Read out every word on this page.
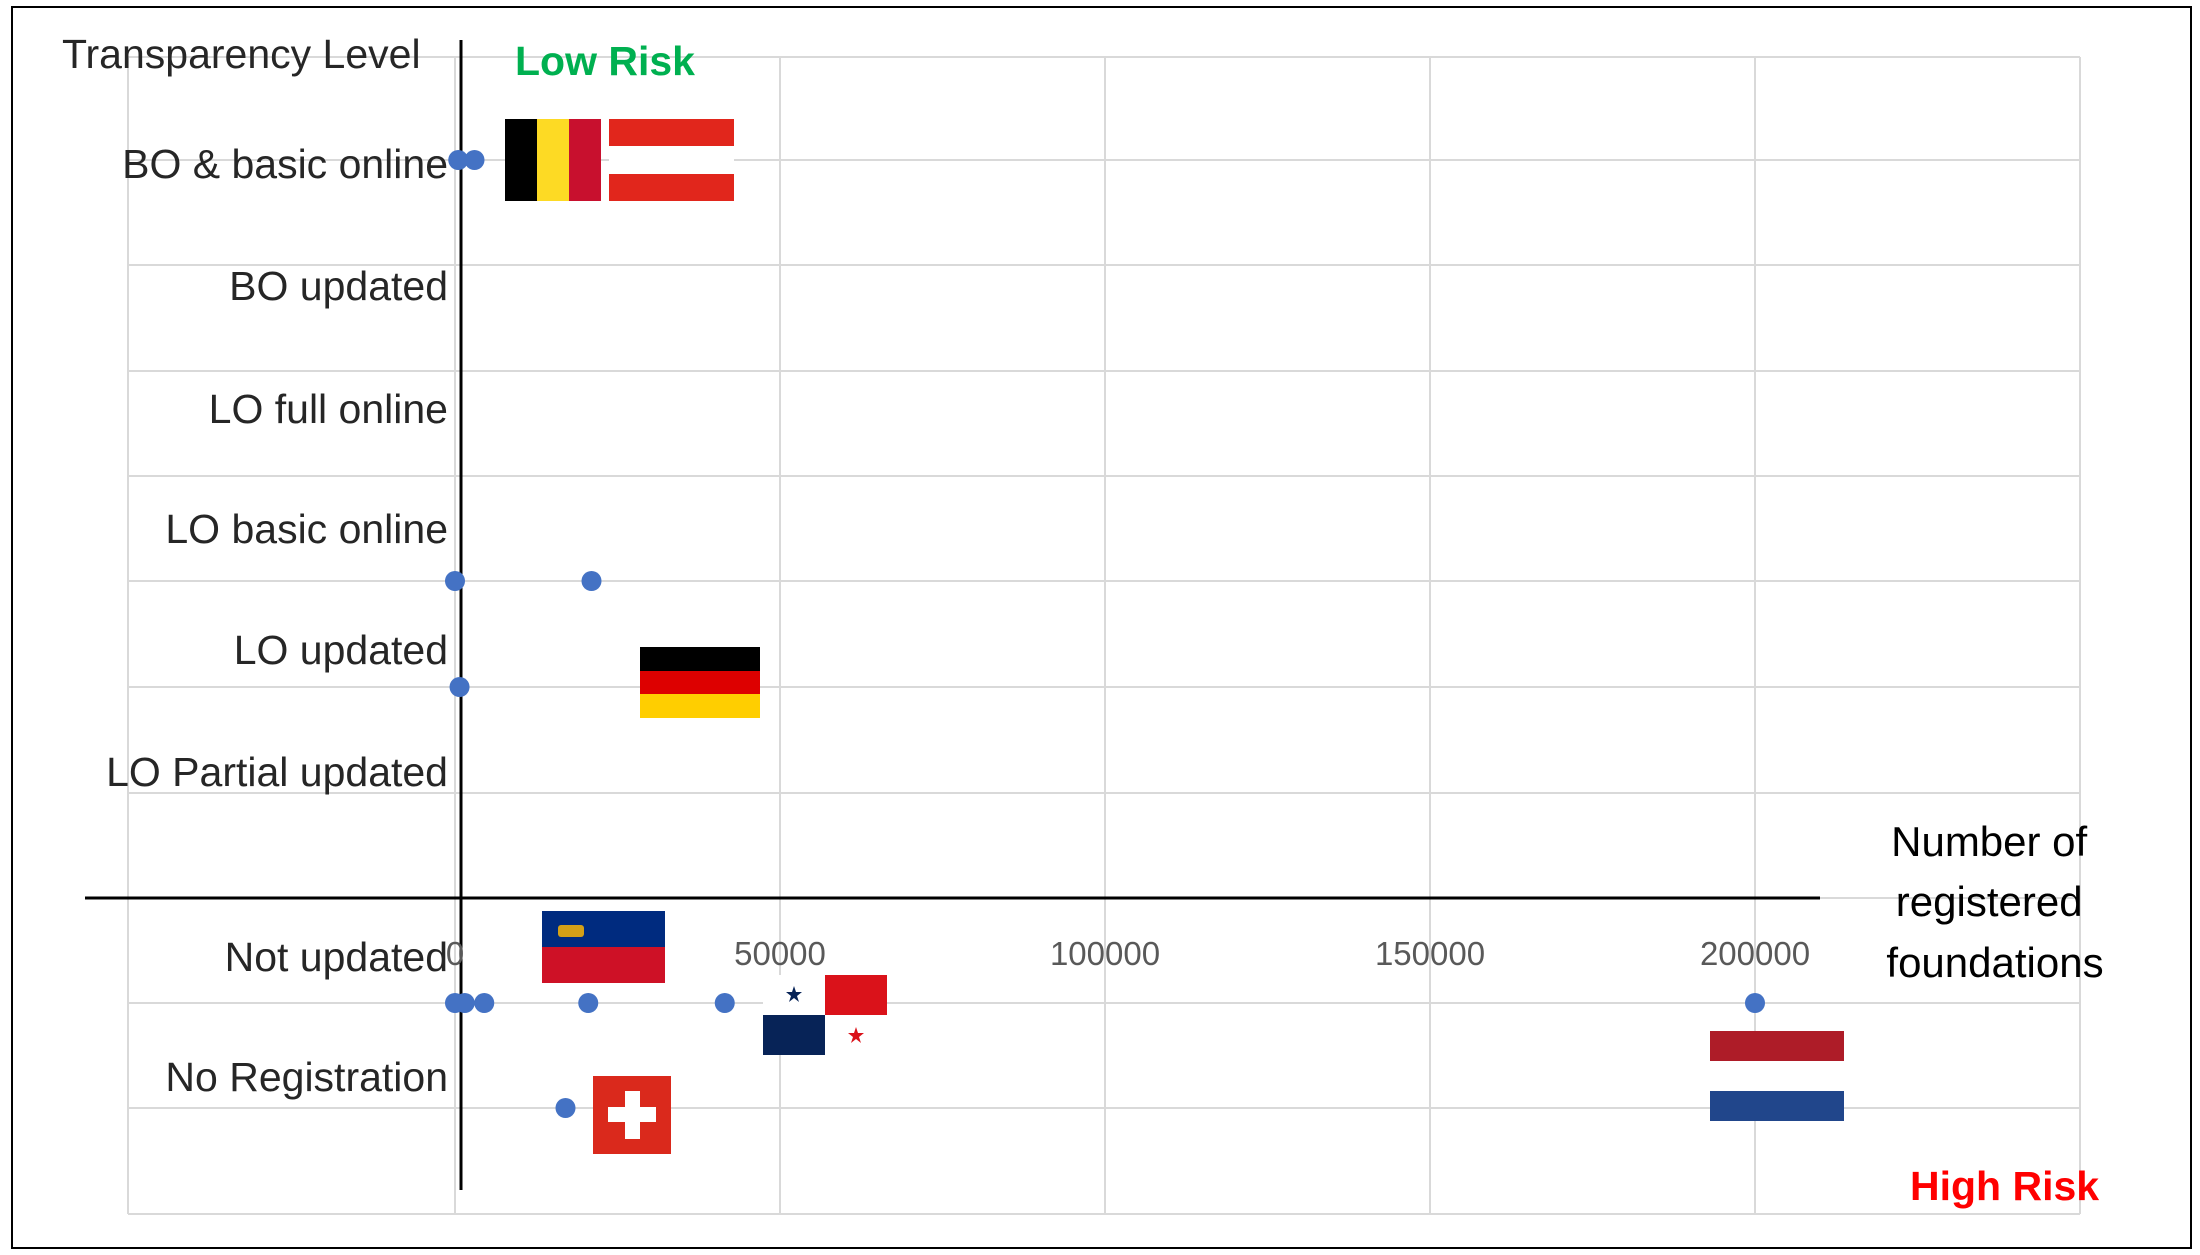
0	50000	100000	150000	200000
BO & basic online
BO updated
LO full online
LO basic online
LO updated
LO Partial updated
Not updated
No Registration
Transparency Level Low Risk
High Risk
Number of registered foundations
